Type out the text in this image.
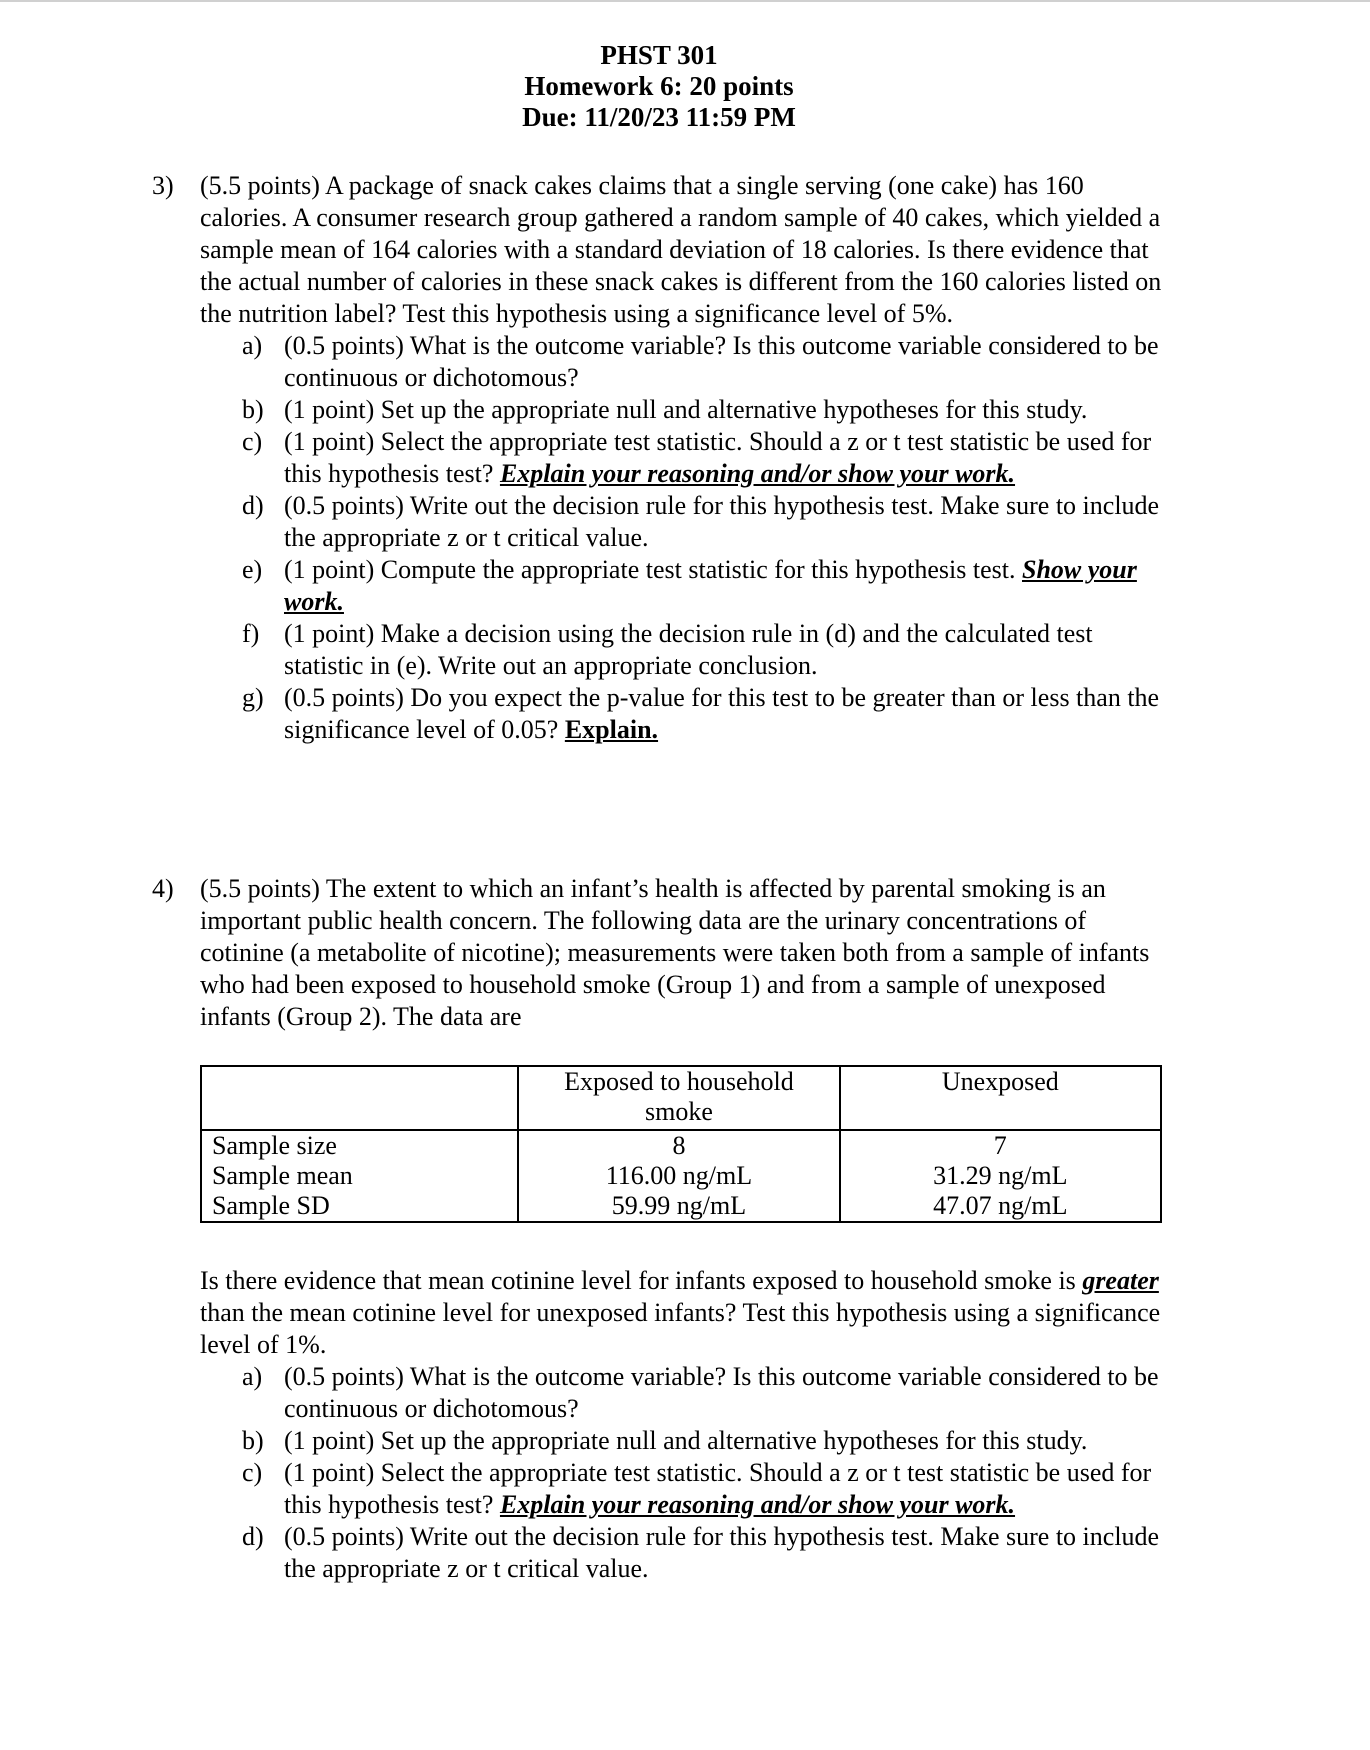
PHST 301
Homework 6: 20 points
Due: 11/20/23 11:59 PM
3) (5.5 points) A package of snack cakes claims that a single serving (one cake) has 160 calories. A consumer research group gathered a random sample of 40 cakes, which yielded a sample mean of 164 calories with a standard deviation of 18 calories. Is there evidence that the actual number of calories in these snack cakes is different from the 160 calories listed on the nutrition label? Test this hypothesis using a significance level of 5%.
a) (0.5 points) What is the outcome variable? Is this outcome variable considered to be continuous or dichotomous?
b) (1 point) Set up the appropriate null and alternative hypotheses for this study.
c) (1 point) Select the appropriate test statistic. Should a z or t test statistic be used for this hypothesis test? Explain your reasoning and/or show your work.
d) (0.5 points) Write out the decision rule for this hypothesis test. Make sure to include the appropriate z or t critical value.
e) (1 point) Compute the appropriate test statistic for this hypothesis test. Show your work.
f) (1 point) Make a decision using the decision rule in (d) and the calculated test statistic in (e). Write out an appropriate conclusion.
g) (0.5 points) Do you expect the p-value for this test to be greater than or less than the significance level of 0.05? Explain.
4) (5.5 points) The extent to which an infant’s health is affected by parental smoking is an important public health concern. The following data are the urinary concentrations of cotinine (a metabolite of nicotine); measurements were taken both from a sample of infants who had been exposed to household smoke (Group 1) and from a sample of unexposed infants (Group 2). The data are
	Exposed to household smoke	Unexposed
Sample size	8	7
Sample mean	116.00 ng/mL	31.29 ng/mL
Sample SD	59.99 ng/mL	47.07 ng/mL
Is there evidence that mean cotinine level for infants exposed to household smoke is greater than the mean cotinine level for unexposed infants? Test this hypothesis using a significance level of 1%.
a) (0.5 points) What is the outcome variable? Is this outcome variable considered to be continuous or dichotomous?
b) (1 point) Set up the appropriate null and alternative hypotheses for this study.
c) (1 point) Select the appropriate test statistic. Should a z or t test statistic be used for this hypothesis test? Explain your reasoning and/or show your work.
d) (0.5 points) Write out the decision rule for this hypothesis test. Make sure to include the appropriate z or t critical value.
